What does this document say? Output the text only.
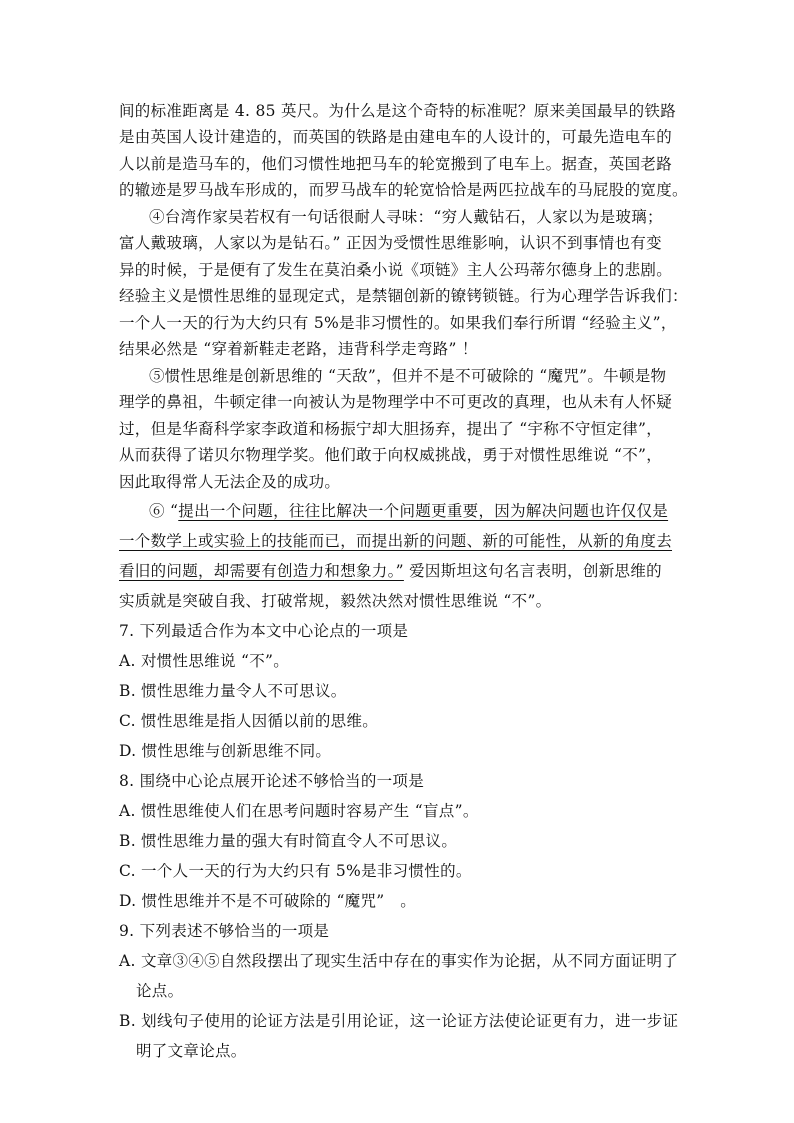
间的标准距离是 4. 85 英尺。为什么是这个奇特的标准呢？原来美国最早的铁路
是由英国人设计建造的，而英国的铁路是由建电车的人设计的，可最先造电车的
人以前是造马车的，他们习惯性地把马车的轮宽搬到了电车上。据查，英国老路
的辙迹是罗马战车形成的，而罗马战车的轮宽恰恰是两匹拉战车的马屁股的宽度。
④台湾作家吴若权有一句话很耐人寻味：“穷人戴钻石，人家以为是玻璃；
富人戴玻璃，人家以为是钻石。” 正因为受惯性思维影响，认识不到事情也有变
异的时候，于是便有了发生在莫泊桑小说《项链》主人公玛蒂尔德身上的悲剧。
经验主义是惯性思维的显现定式，是禁锢创新的镣铐锁链。行为心理学告诉我们：
一个人一天的行为大约只有 5%是非习惯性的。如果我们奉行所谓 “经验主义”，
结果必然是 “穿着新鞋走老路，违背科学走弯路” ！
⑤惯性思维是创新思维的 “天敌”，但并不是不可破除的 “魔咒”。牛顿是物
理学的鼻祖，牛顿定律一向被认为是物理学中不可更改的真理，也从未有人怀疑
过，但是华裔科学家李政道和杨振宁却大胆扬弃，提出了 “宇称不守恒定律”，
从而获得了诺贝尔物理学奖。他们敢于向权威挑战，勇于对惯性思维说 “不”，
因此取得常人无法企及的成功。
⑥ “提出一个问题，往往比解决一个问题更重要，因为解决问题也许仅仅是
一个数学上或实验上的技能而已，而提出新的问题、新的可能性，从新的角度去
看旧的问题，却需要有创造力和想象力。” 爱因斯坦这句名言表明，创新思维的
实质就是突破自我、打破常规，毅然决然对惯性思维说 “不”。
7. 下列最适合作为本文中心论点的一项是
A. 对惯性思维说 “不”。
B. 惯性思维力量令人不可思议。
C. 惯性思维是指人因循以前的思维。
D. 惯性思维与创新思维不同。
8. 围绕中心论点展开论述不够恰当的一项是
A. 惯性思维使人们在思考问题时容易产生 “盲点”。
B. 惯性思维力量的强大有时简直令人不可思议。
C. 一个人一天的行为大约只有 5%是非习惯性的。
D. 惯性思维并不是不可破除的 “魔咒”　。
9. 下列表述不够恰当的一项是
A. 文章③④⑤自然段摆出了现实生活中存在的事实作为论据，从不同方面证明了
论点。
B. 划线句子使用的论证方法是引用论证，这一论证方法使论证更有力，进一步证
明了文章论点。
